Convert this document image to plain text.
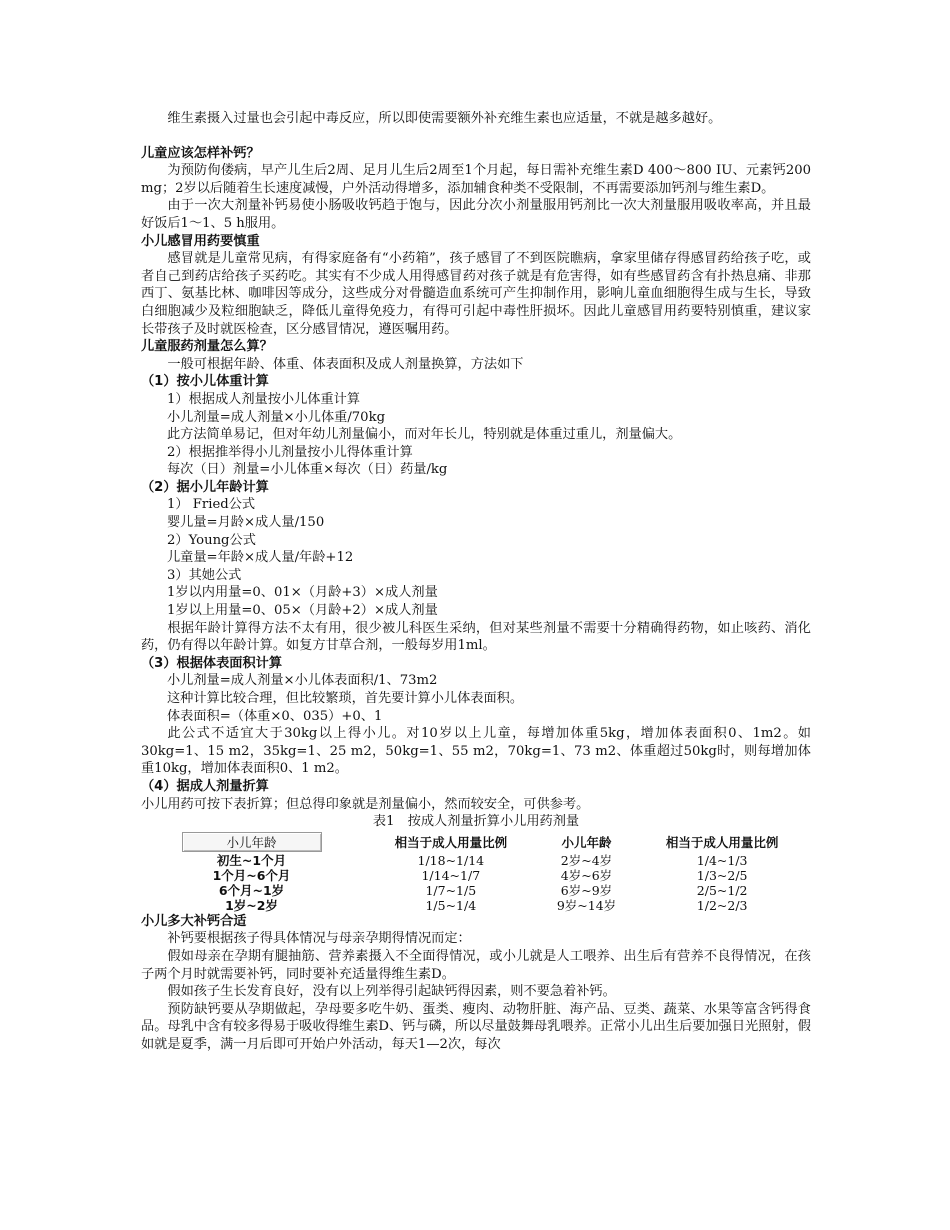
维生素摄入过量也会引起中毒反应，所以即使需要额外补充维生素也应适量，不就是越多越好。

儿童应该怎样补钙？

为预防佝偻病，早产儿生后2周、足月儿生后2周至1个月起，每日需补充维生素D 400～800 IU、元素钙200 mg；2岁以后随着生长速度减慢，户外活动得增多，添加辅食种类不受限制，不再需要添加钙剂与维生素D。

由于一次大剂量补钙易使小肠吸收钙趋于饱与，因此分次小剂量服用钙剂比一次大剂量服用吸收率高，并且最好饭后1～1、5 h服用。

小儿感冒用药要慎重

感冒就是儿童常见病，有得家庭备有“小药箱”，孩子感冒了不到医院瞧病，拿家里储存得感冒药给孩子吃，或者自己到药店给孩子买药吃。其实有不少成人用得感冒药对孩子就是有危害得，如有些感冒药含有扑热息痛、非那西丁、氨基比林、咖啡因等成分，这些成分对骨髓造血系统可产生抑制作用，影响儿童血细胞得生成与生长，导致白细胞减少及粒细胞缺乏，降低儿童得免疫力，有得可引起中毒性肝损坏。因此儿童感冒用药要特别慎重，建议家长带孩子及时就医检查，区分感冒情况，遵医嘱用药。

儿童服药剂量怎么算？

一般可根据年龄、体重、体表面积及成人剂量换算，方法如下

（1）按小儿体重计算

1）根据成人剂量按小儿体重计算

小儿剂量=成人剂量×小儿体重/70kg

此方法简单易记，但对年幼儿剂量偏小，而对年长儿，特别就是体重过重儿，剂量偏大。

2）根据推举得小儿剂量按小儿得体重计算

每次（日）剂量=小儿体重×每次（日）药量/kg

（2）据小儿年龄计算

1） Fried公式

婴儿量=月龄×成人量/150

2）Young公式

儿童量=年龄×成人量/年龄+12

3）其她公式

1岁以内用量=0、01×（月龄+3）×成人剂量

1岁以上用量=0、05×（月龄+2）×成人剂量

根据年龄计算得方法不太有用，很少被儿科医生采纳，但对某些剂量不需要十分精确得药物，如止咳药、消化药，仍有得以年龄计算。如复方甘草合剂，一般每岁用1ml。

（3）根据体表面积计算

小儿剂量=成人剂量×小儿体表面积/1、73m2

这种计算比较合理，但比较繁琐，首先要计算小儿体表面积。

体表面积=（体重×0、035）+0、1

此公式不适宜大于30kg以上得小儿。对10岁以上儿童，每增加体重5kg，增加体表面积0、1m2。如30kg=1、15 m2，35kg=1、25 m2，50kg=1、55 m2，70kg=1、73 m2、体重超过50kg时，则每增加体重10kg，增加体表面积0、1 m2。

（4）据成人剂量折算

小儿用药可按下表折算；但总得印象就是剂量偏小，然而较安全，可供参考。

表1　按成人剂量折算小儿用药剂量

小儿年龄	相当于成人用量比例	小儿年龄	相当于成人用量比例
初生~1个月	1/18~1/14	2岁~4岁	1/4~1/3
1个月~6个月	1/14~1/7	4岁~6岁	1/3~2/5
6个月~1岁	1/7~1/5	6岁~9岁	2/5~1/2
1岁~2岁	1/5~1/4	9岁~14岁	1/2~2/3

小儿多大补钙合适

补钙要根据孩子得具体情况与母亲孕期得情况而定：

假如母亲在孕期有腿抽筋、营养素摄入不全面得情况，或小儿就是人工喂养、出生后有营养不良得情况，在孩子两个月时就需要补钙，同时要补充适量得维生素D。

假如孩子生长发育良好，没有以上列举得引起缺钙得因素，则不要急着补钙。

预防缺钙要从孕期做起，孕母要多吃牛奶、蛋类、瘦肉、动物肝脏、海产品、豆类、蔬菜、水果等富含钙得食品。母乳中含有较多得易于吸收得维生素D、钙与磷，所以尽量鼓舞母乳喂养。正常小儿出生后要加强日光照射，假如就是夏季，满一月后即可开始户外活动，每天1—2次，每次
